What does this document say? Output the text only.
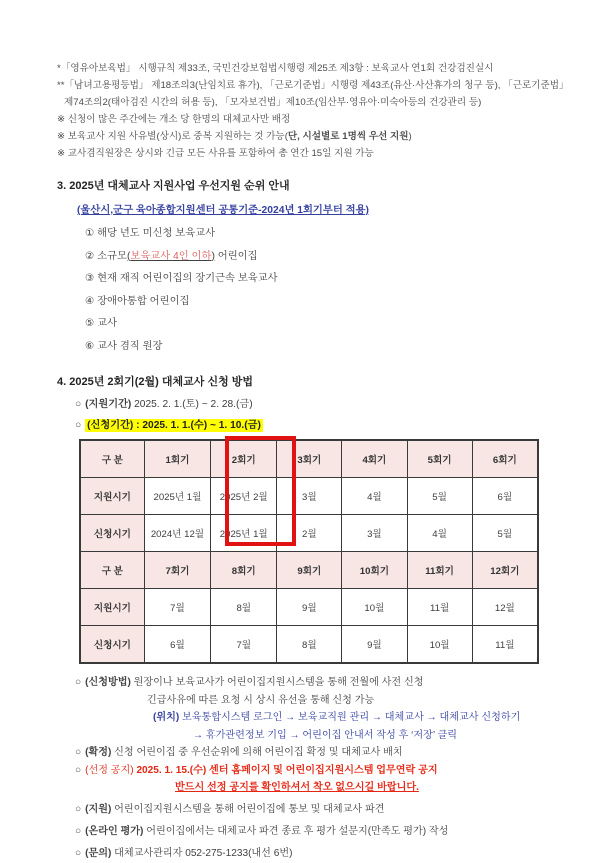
*「영유아보육법」 시행규칙 제33조, 국민건강보험법시행령 제25조 제3항 : 보육교사 연1회 건강검진실시
**「남녀고용평등법」 제18조의3(난임치료 휴가), 「근로기준법」시행령 제43조(유산·사산휴가의 청구 등), 「근로기준법」
제74조의2(태아검진 시간의 허용 등), 「모자보건법」제10조(임산부·영유아·미숙아등의 건강관리 등)
※ 신청이 많은 주간에는 개소 당 한명의 대체교사만 배정
※ 보육교사 지원 사유별(상시)로 중복 지원하는 것 가능(단, 시설별로 1명씩 우선 지원)
※ 교사겸직원장은 상시와 긴급 모든 사유를 포함하여 총 연간 15일 지원 가능
3. 2025년 대체교사 지원사업 우선지원 순위 안내
(울산시,군구 육아종합지원센터 공통기준-2024년 1회기부터 적용)
① 해당 년도 미신청 보육교사
② 소규모(보육교사 4인 이하) 어린이집
③ 현재 재직 어린이집의 장기근속 보육교사
④ 장애아통합 어린이집
⑤ 교사
⑥ 교사 겸직 원장
4. 2025년 2회기(2월) 대체교사 신청 방법
○ (지원기간) 2025. 2. 1.(토) ~ 2. 28.(금)
○ (신청기간) : 2025. 1. 1.(수) ~ 1. 10.(금)
구 분	1회기	2회기	3회기	4회기	5회기	6회기
지원시기	2025년 1월	2025년 2월	3월	4월	5월	6월
신청시기	2024년 12월	2025년 1월	2월	3월	4월	5월
구 분	7회기	8회기	9회기	10회기	11회기	12회기
지원시기	7월	8월	9월	10월	11월	12월
신청시기	6월	7월	8월	9월	10월	11월
○ (신청방법) 원장이나 보육교사가 어린이집지원시스템을 통해 전월에 사전 신청
긴급사유에 따른 요청 시 상시 유선을 통해 신청 가능
(위치) 보육통합시스템 로그인 → 보육교직원 관리 → 대체교사 → 대체교사 신청하기
→ 휴가관련정보 기입 → 어린이집 안내서 작성 후 ‘저장’ 클릭
○ (확정) 신청 어린이집 중 우선순위에 의해 어린이집 확정 및 대체교사 배치
○ (선정 공지) 2025. 1. 15.(수) 센터 홈페이지 및 어린이집지원시스템 업무연락 공지
반드시 선정 공지를 확인하셔서 착오 없으시길 바랍니다.
○ (지원) 어린이집지원시스템을 통해 어린이집에 통보 및 대체교사 파견
○ (온라인 평가) 어린이집에서는 대체교사 파견 종료 후 평가 설문지(만족도 평가) 작성
○ (문의) 대체교사관리자 052-275-1233(내선 6번)
